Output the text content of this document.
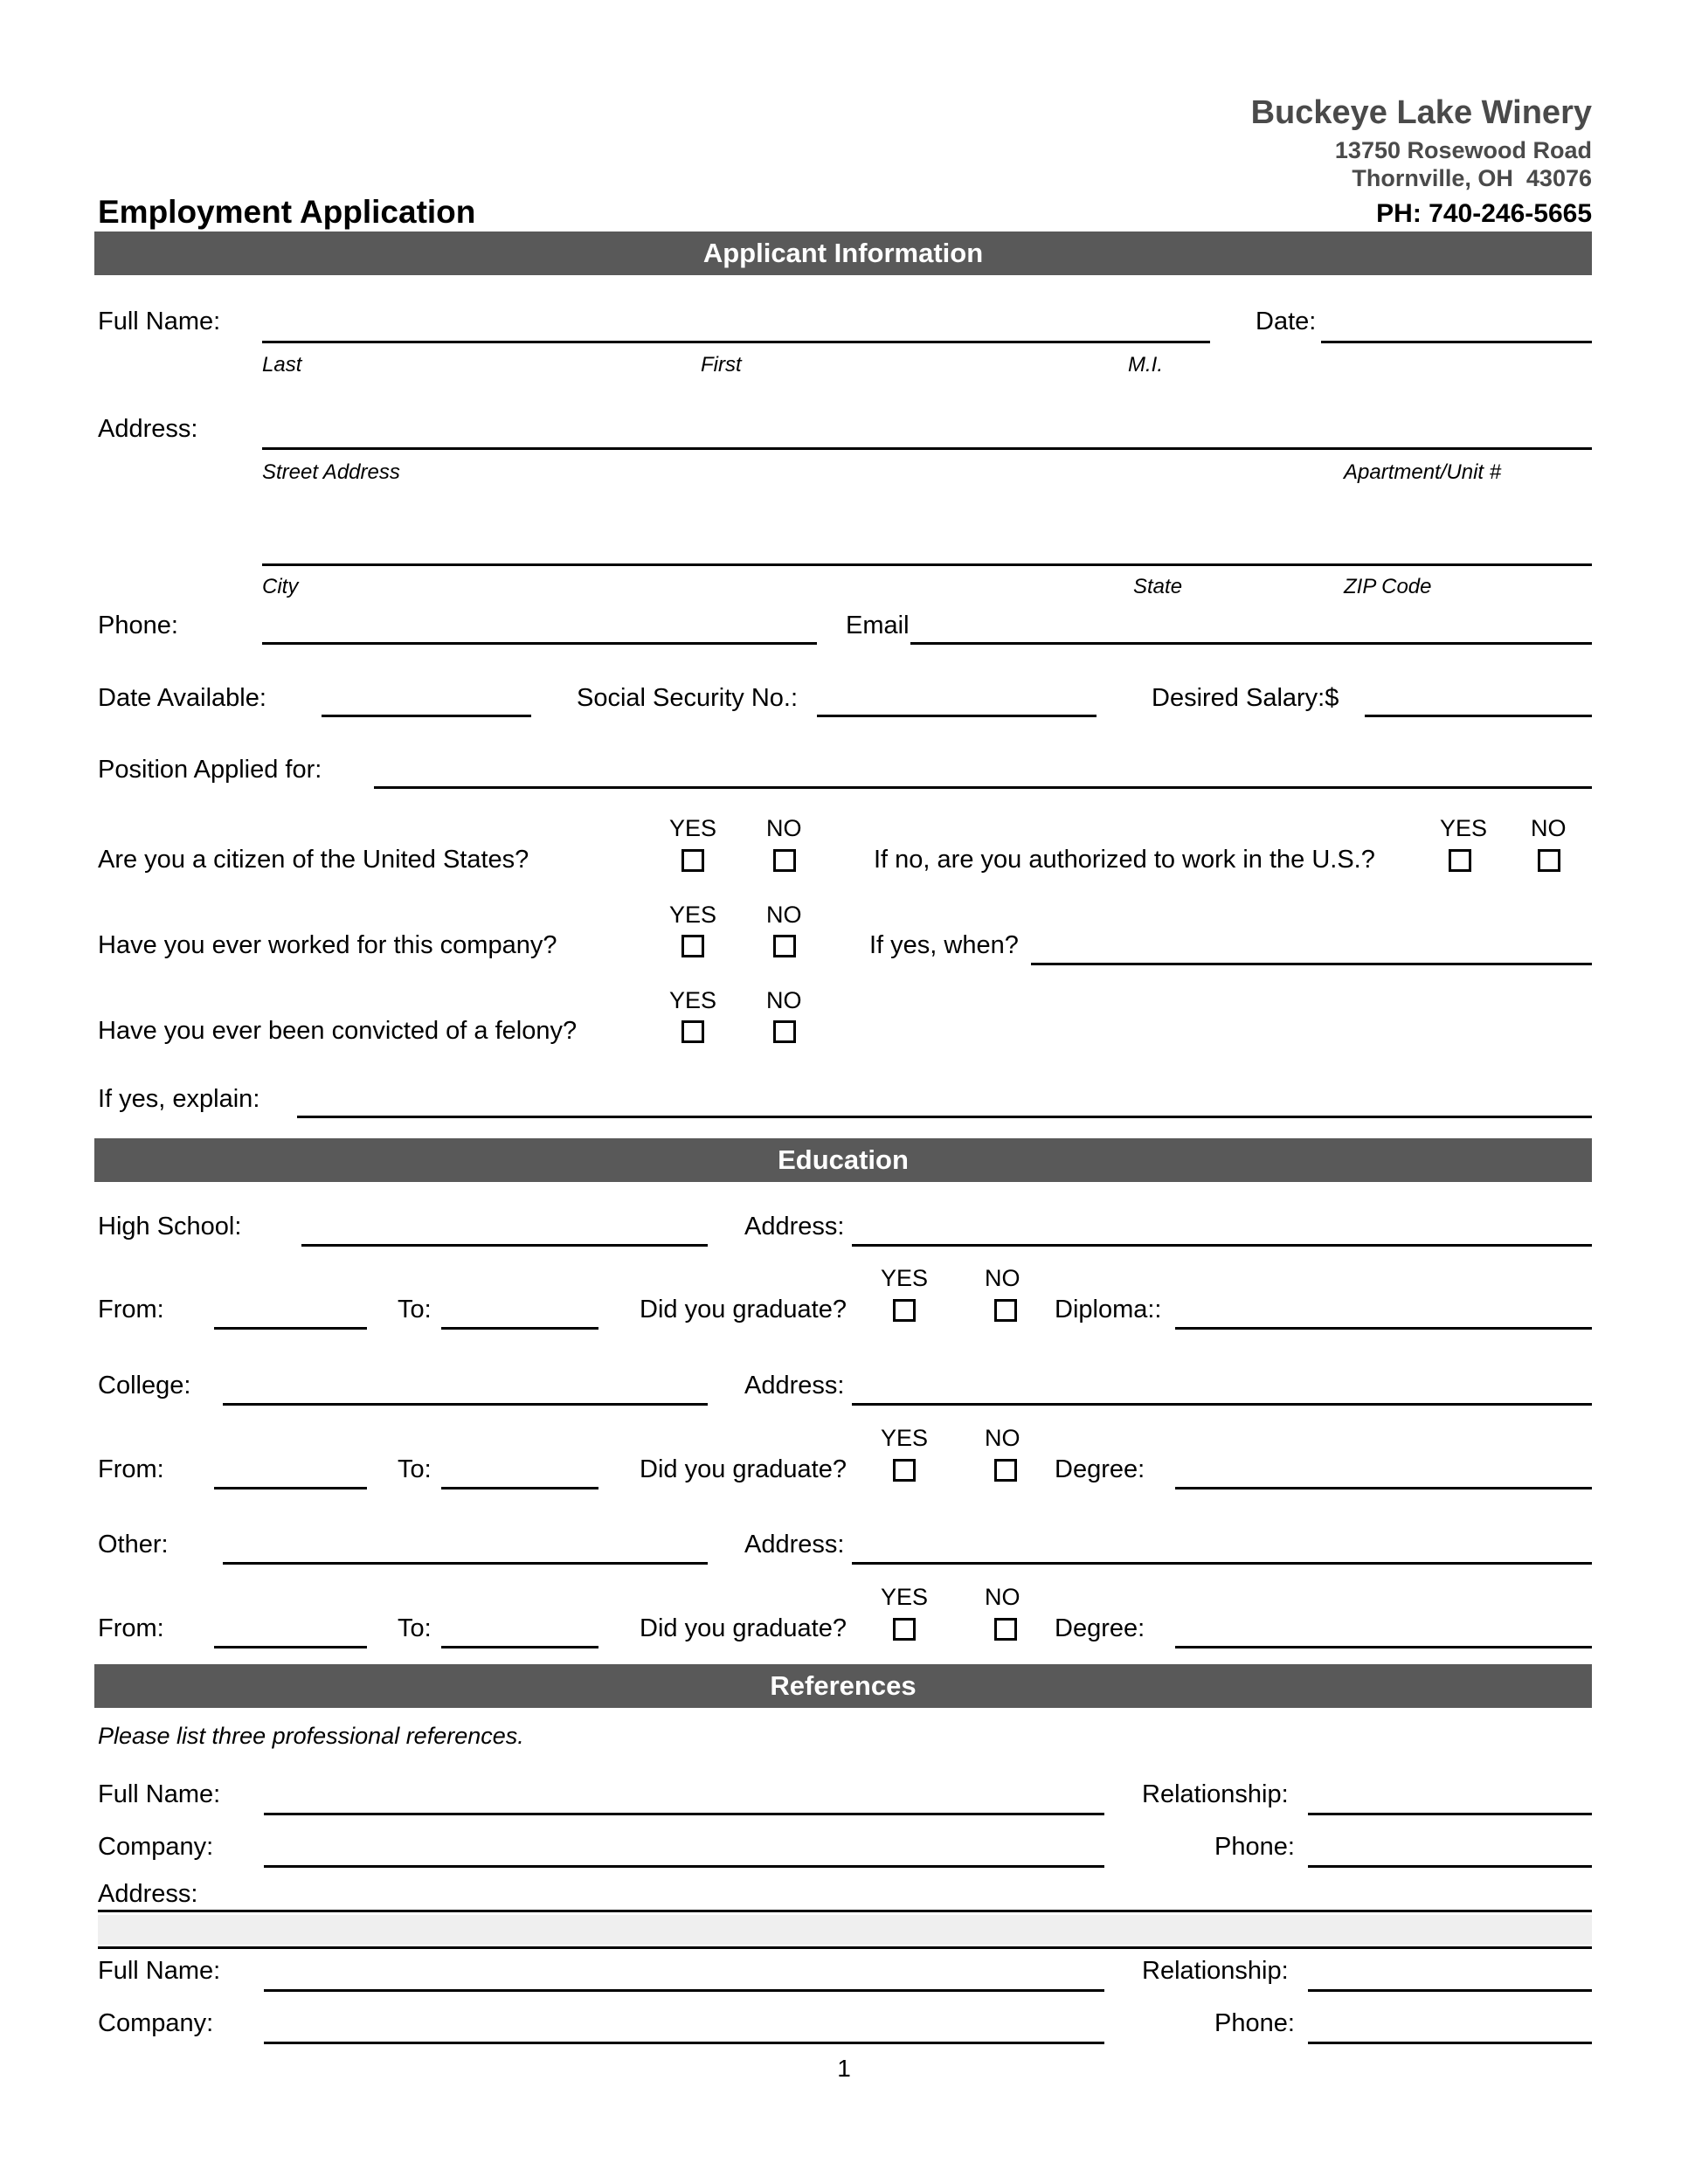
Buckeye Lake Winery
13750 Rosewood Road
Thornville, OH  43076
Employment Application	PH: 740-246-5665
Applicant Information
Full Name:	Date:
Last	First	M.I.
Address:
Street Address	Apartment/Unit #
City	State	ZIP Code
Phone:	Email
Date Available:	Social Security No.:	Desired Salary:$
Position Applied for:
YES NO	YES NO
Are you a citizen of the United States?	If no, are you authorized to work in the U.S.?
YES NO
Have you ever worked for this company?	If yes, when?
YES NO
Have you ever been convicted of a felony?
If yes, explain:
Education
High School:	Address:
YES NO
From:	To:	Did you graduate?	Diploma::
College:	Address:
YES NO
From:	To:	Did you graduate?	Degree:
Other:	Address:
YES NO
From:	To:	Did you graduate?	Degree:
References
Please list three professional references.
Full Name:	Relationship:
Company:	Phone:
Address:
Full Name:	Relationship:
Company:	Phone:
1
